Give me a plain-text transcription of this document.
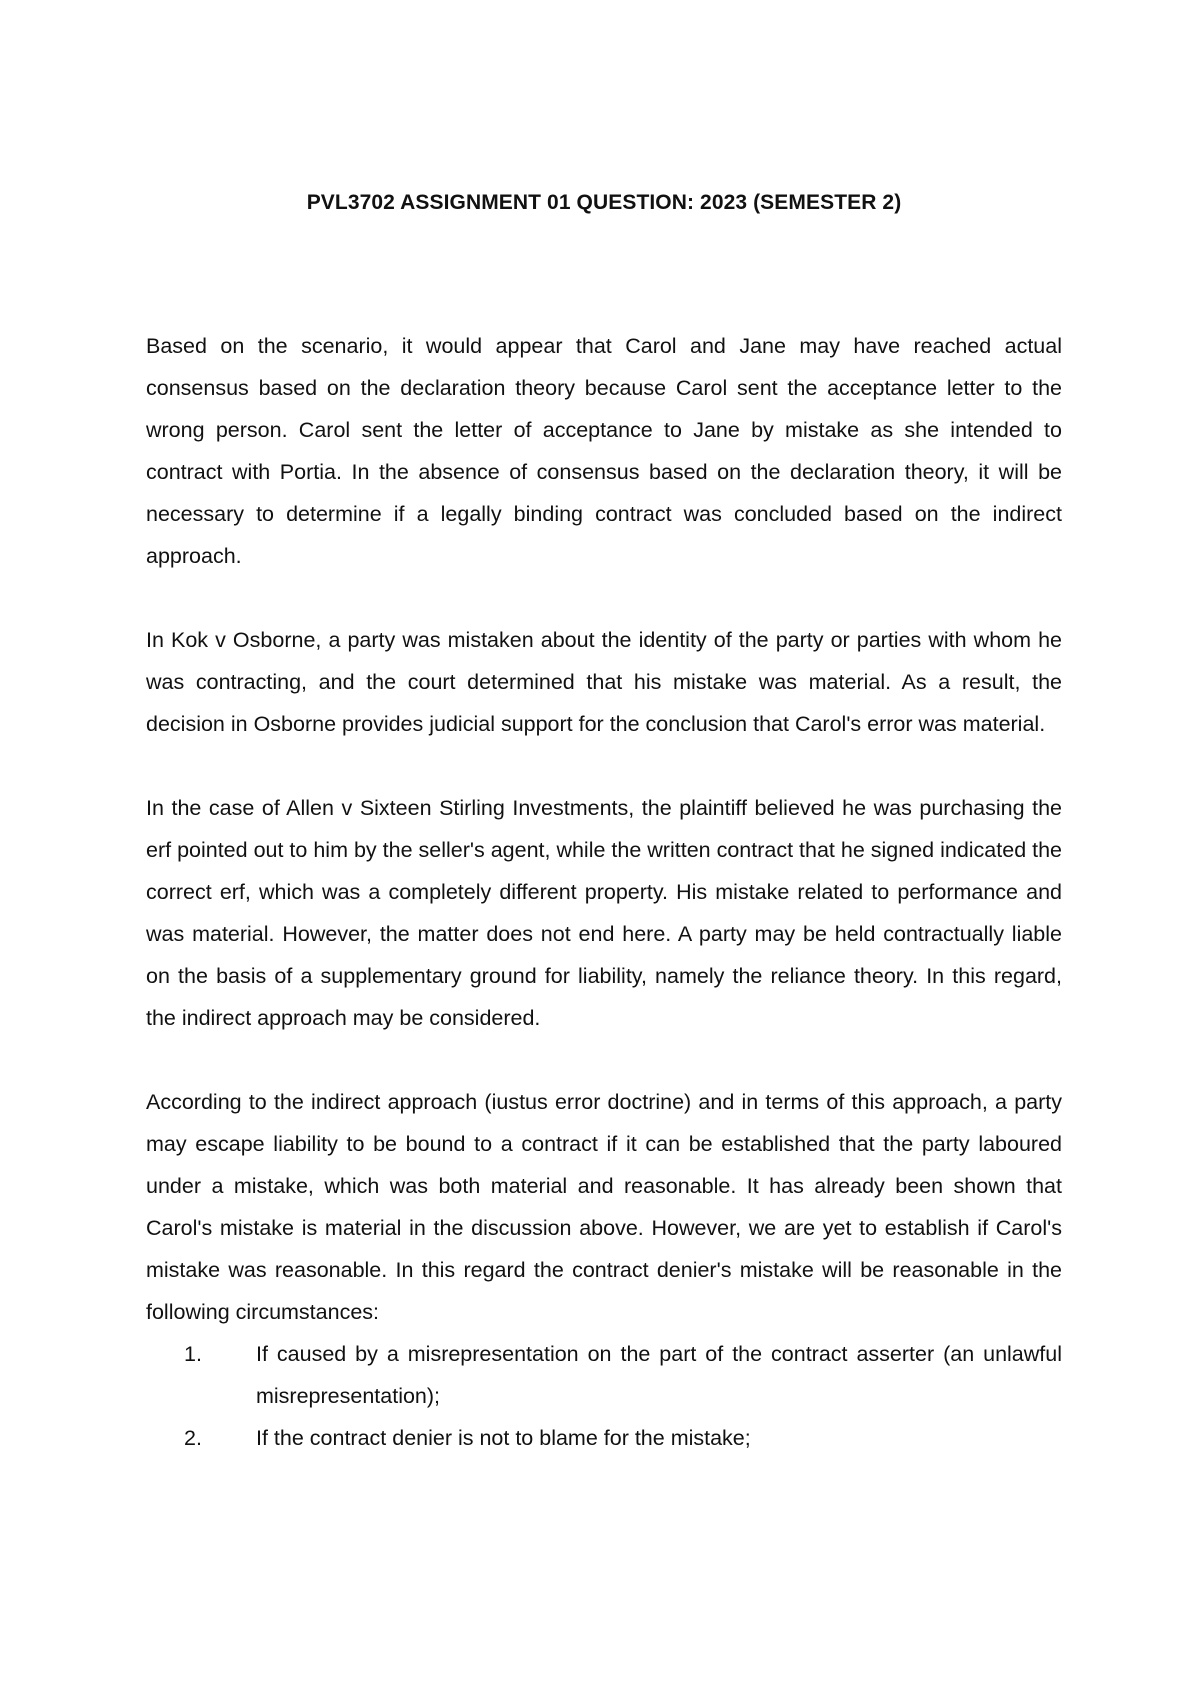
PVL3702 ASSIGNMENT 01 QUESTION: 2023 (SEMESTER 2)

Based on the scenario, it would appear that Carol and Jane may have reached actual consensus based on the declaration theory because Carol sent the acceptance letter to the wrong person. Carol sent the letter of acceptance to Jane by mistake as she intended to contract with Portia. In the absence of consensus based on the declaration theory, it will be necessary to determine if a legally binding contract was concluded based on the indirect approach.

In Kok v Osborne, a party was mistaken about the identity of the party or parties with whom he was contracting, and the court determined that his mistake was material. As a result, the decision in Osborne provides judicial support for the conclusion that Carol's error was material.

In the case of Allen v Sixteen Stirling Investments, the plaintiff believed he was purchasing the erf pointed out to him by the seller's agent, while the written contract that he signed indicated the correct erf, which was a completely different property. His mistake related to performance and was material. However, the matter does not end here. A party may be held contractually liable on the basis of a supplementary ground for liability, namely the reliance theory. In this regard, the indirect approach may be considered.

According to the indirect approach (iustus error doctrine) and in terms of this approach, a party may escape liability to be bound to a contract if it can be established that the party laboured under a mistake, which was both material and reasonable. It has already been shown that Carol's mistake is material in the discussion above. However, we are yet to establish if Carol's mistake was reasonable. In this regard the contract denier's mistake will be reasonable in the following circumstances:

1.	If caused by a misrepresentation on the part of the contract asserter (an unlawful misrepresentation);
2.	If the contract denier is not to blame for the mistake;
